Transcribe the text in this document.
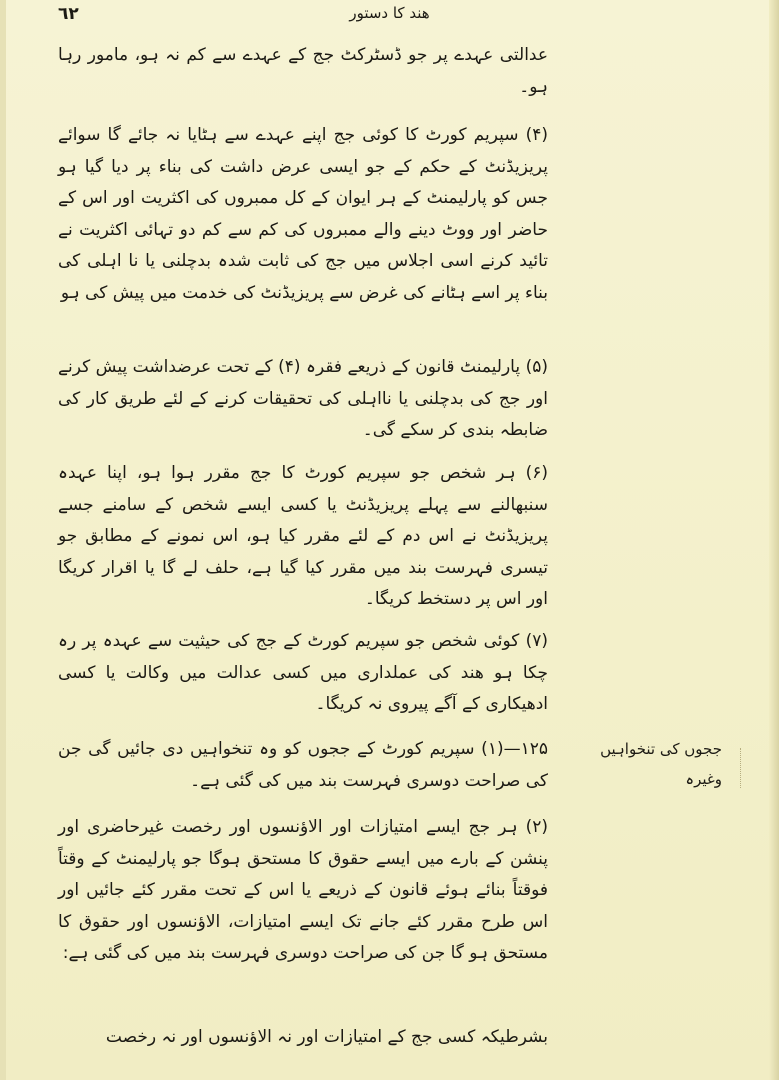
٦٢	ھند کا دستور
عدالتی عہدے پر جو ڈسٹرکٹ جج کے عہدے سے کم نہ ہو، مامور رہا ہو۔
(۴) سپریم کورٹ کا کوئی جج اپنے عہدے سے ہٹایا نہ جائے گا سوائے پریزیڈنٹ کے حکم کے جو ایسی عرض داشت کی بناء پر دیا گیا ہو جس کو پارلیمنٹ کے ہر ایوان کے کل ممبروں کی اکثریت اور اس کے حاضر اور ووٹ دینے والے ممبروں کی کم سے کم دو تہائی اکثریت نے تائید کرنے اسی اجلاس میں جج کی ثابت شدہ بدچلنی یا نا اہلی کی بناء پر اسے ہٹانے کی غرض سے پریزیڈنٹ کی خدمت میں پیش کی ہو
(۵) پارلیمنٹ قانون کے ذریعے فقرہ (۴) کے تحت عرضداشت پیش کرنے اور جج کی بدچلنی یا نااہلی کی تحقیقات کرنے کے لئے طریق کار کی ضابطہ بندی کر سکے گی۔
(۶) ہر شخص جو سپریم کورٹ کا جج مقرر ہوا ہو، اپنا عہدہ سنبھالنے سے پہلے پریزیڈنٹ یا کسی ایسے شخص کے سامنے جسے پریزیڈنٹ نے اس دم کے لئے مقرر کیا ہو، اس نمونے کے مطابق جو تیسری فہرست بند میں مقرر کیا گیا ہے، حلف لے گا یا اقرار کریگا اور اس پر دستخط کریگا۔
(۷) کوئی شخص جو سپریم کورٹ کے جج کی حیثیت سے عہدہ پر رہ چکا ہو ھند کی عملداری میں کسی عدالت میں وکالت یا کسی ادھیکاری کے آگے پیروی نہ کریگا۔
۱۲۵—(۱) سپریم کورٹ کے ججوں کو وہ تنخواہیں دی جائیں گی جن کی صراحت دوسری فہرست بند میں کی گئی ہے۔
(۲) ہر جج ایسے امتیازات اور الاؤنسوں اور رخصت غیرحاضری اور پنشن کے بارے میں ایسے حقوق کا مستحق ہوگا جو پارلیمنٹ کے وقتاً فوقتاً بنائے ہوئے قانون کے ذریعے یا اس کے تحت مقرر کئے جائیں اور اس طرح مقرر کئے جانے تک ایسے امتیازات، الاؤنسوں اور حقوق کا مستحق ہو گا جن کی صراحت دوسری فہرست بند میں کی گئی ہے:
بشرطیکہ کسی جج کے امتیازات اور نہ الاؤنسوں اور نہ رخصت
ججوں کی تنخواہیں وغیرہ
